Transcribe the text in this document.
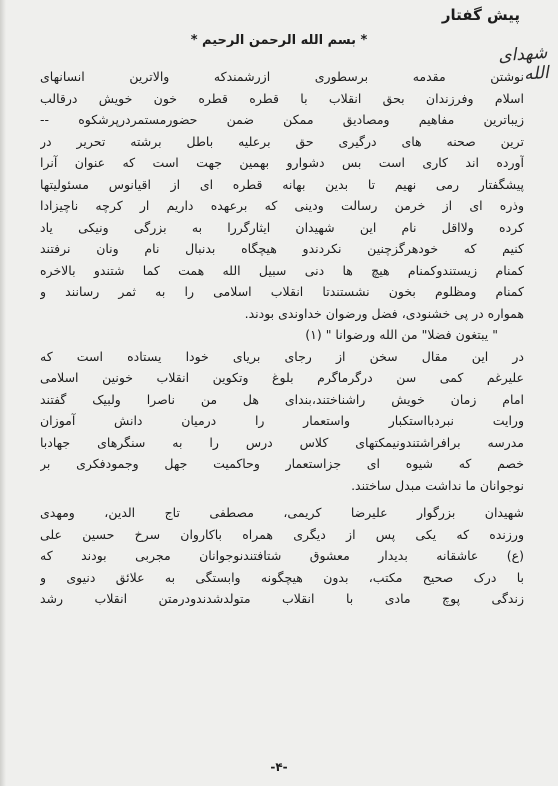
پیش گفتار
* بسم الله الرحمن الرحیم *
شهدای الله
نوشتن مقدمه برسطوری ازرشمندکه والاترین انسانهای
اسلام وفرزندان بحق انقلاب با قطره قطره خون خویش درقالب
زیباترین مفاهیم ومصادیق ممکن ضمن حضورمستمردرپرشکوه --
ترین صحنه های درگیری حق برعلیه باطل برشته تحریر در
آورده اند کاری است بس دشوارو بهمین جهت است که عنوان آنرا
پیشگفتار رمی نهیم تا بدین بهانه قطره ای از اقیانوس مسئولیتها
وذره ای از خرمن رسالت ودینی که برعهده داریم ار کرچه ناچیزادا
کرده ولااقل نام این شهیدان ایثارگررا به بزرگی ونیکی یاد
کنیم که خودهرگزچنین نکردندو هیچگاه بدنبال نام ونان نرفتند
کمنام زیستندوکمنام هیچ ها دنی سبیل الله همت کما شتندو بالاخره
کمنام ومظلوم بخون نشستندتا انقلاب اسلامی را به ثمر رسانند و
همواره در پی خشنودی، فضل ورضوان خداوندی بودند.
" یبتغون فضلا" من الله ورضوانا " (۱)
در این مقال سخن از رجای بریای خودا یستاده است که
علیرغم کمی سن درگرماگرم بلوغ وتکوین انقلاب خونین اسلامی
امام زمان خویش راشناختند،بندای هل من ناصرا ولبیک گفتند
ورایت نبردبااستکبار واستعمار را درمیان دانش آموزان
مدرسه برافراشتندونیمکتهای کلاس درس را به سنگرهای جهادبا
خصم که شیوه ای جزاستعمار وحاکمیت جهل وجمودفکری بر
نوجوانان ما نداشت مبدل ساختند.
شهیدان بزرگوار علیرضا کریمی، مصطفی تاج الدین، ومهدی
ورزنده که یکی پس از دیگری همراه باکاروان سرخ حسین علی
(ع) عاشقانه بدیدار معشوق شتافتندنوجوانان مجربی بودند که
با درک صحیح مکتب، بدون هیچگونه وابستگی به علائق دنیوی و
زندگی پوچ مادی با انقلاب متولدشدندودرمتن انقلاب رشد
-۴-
